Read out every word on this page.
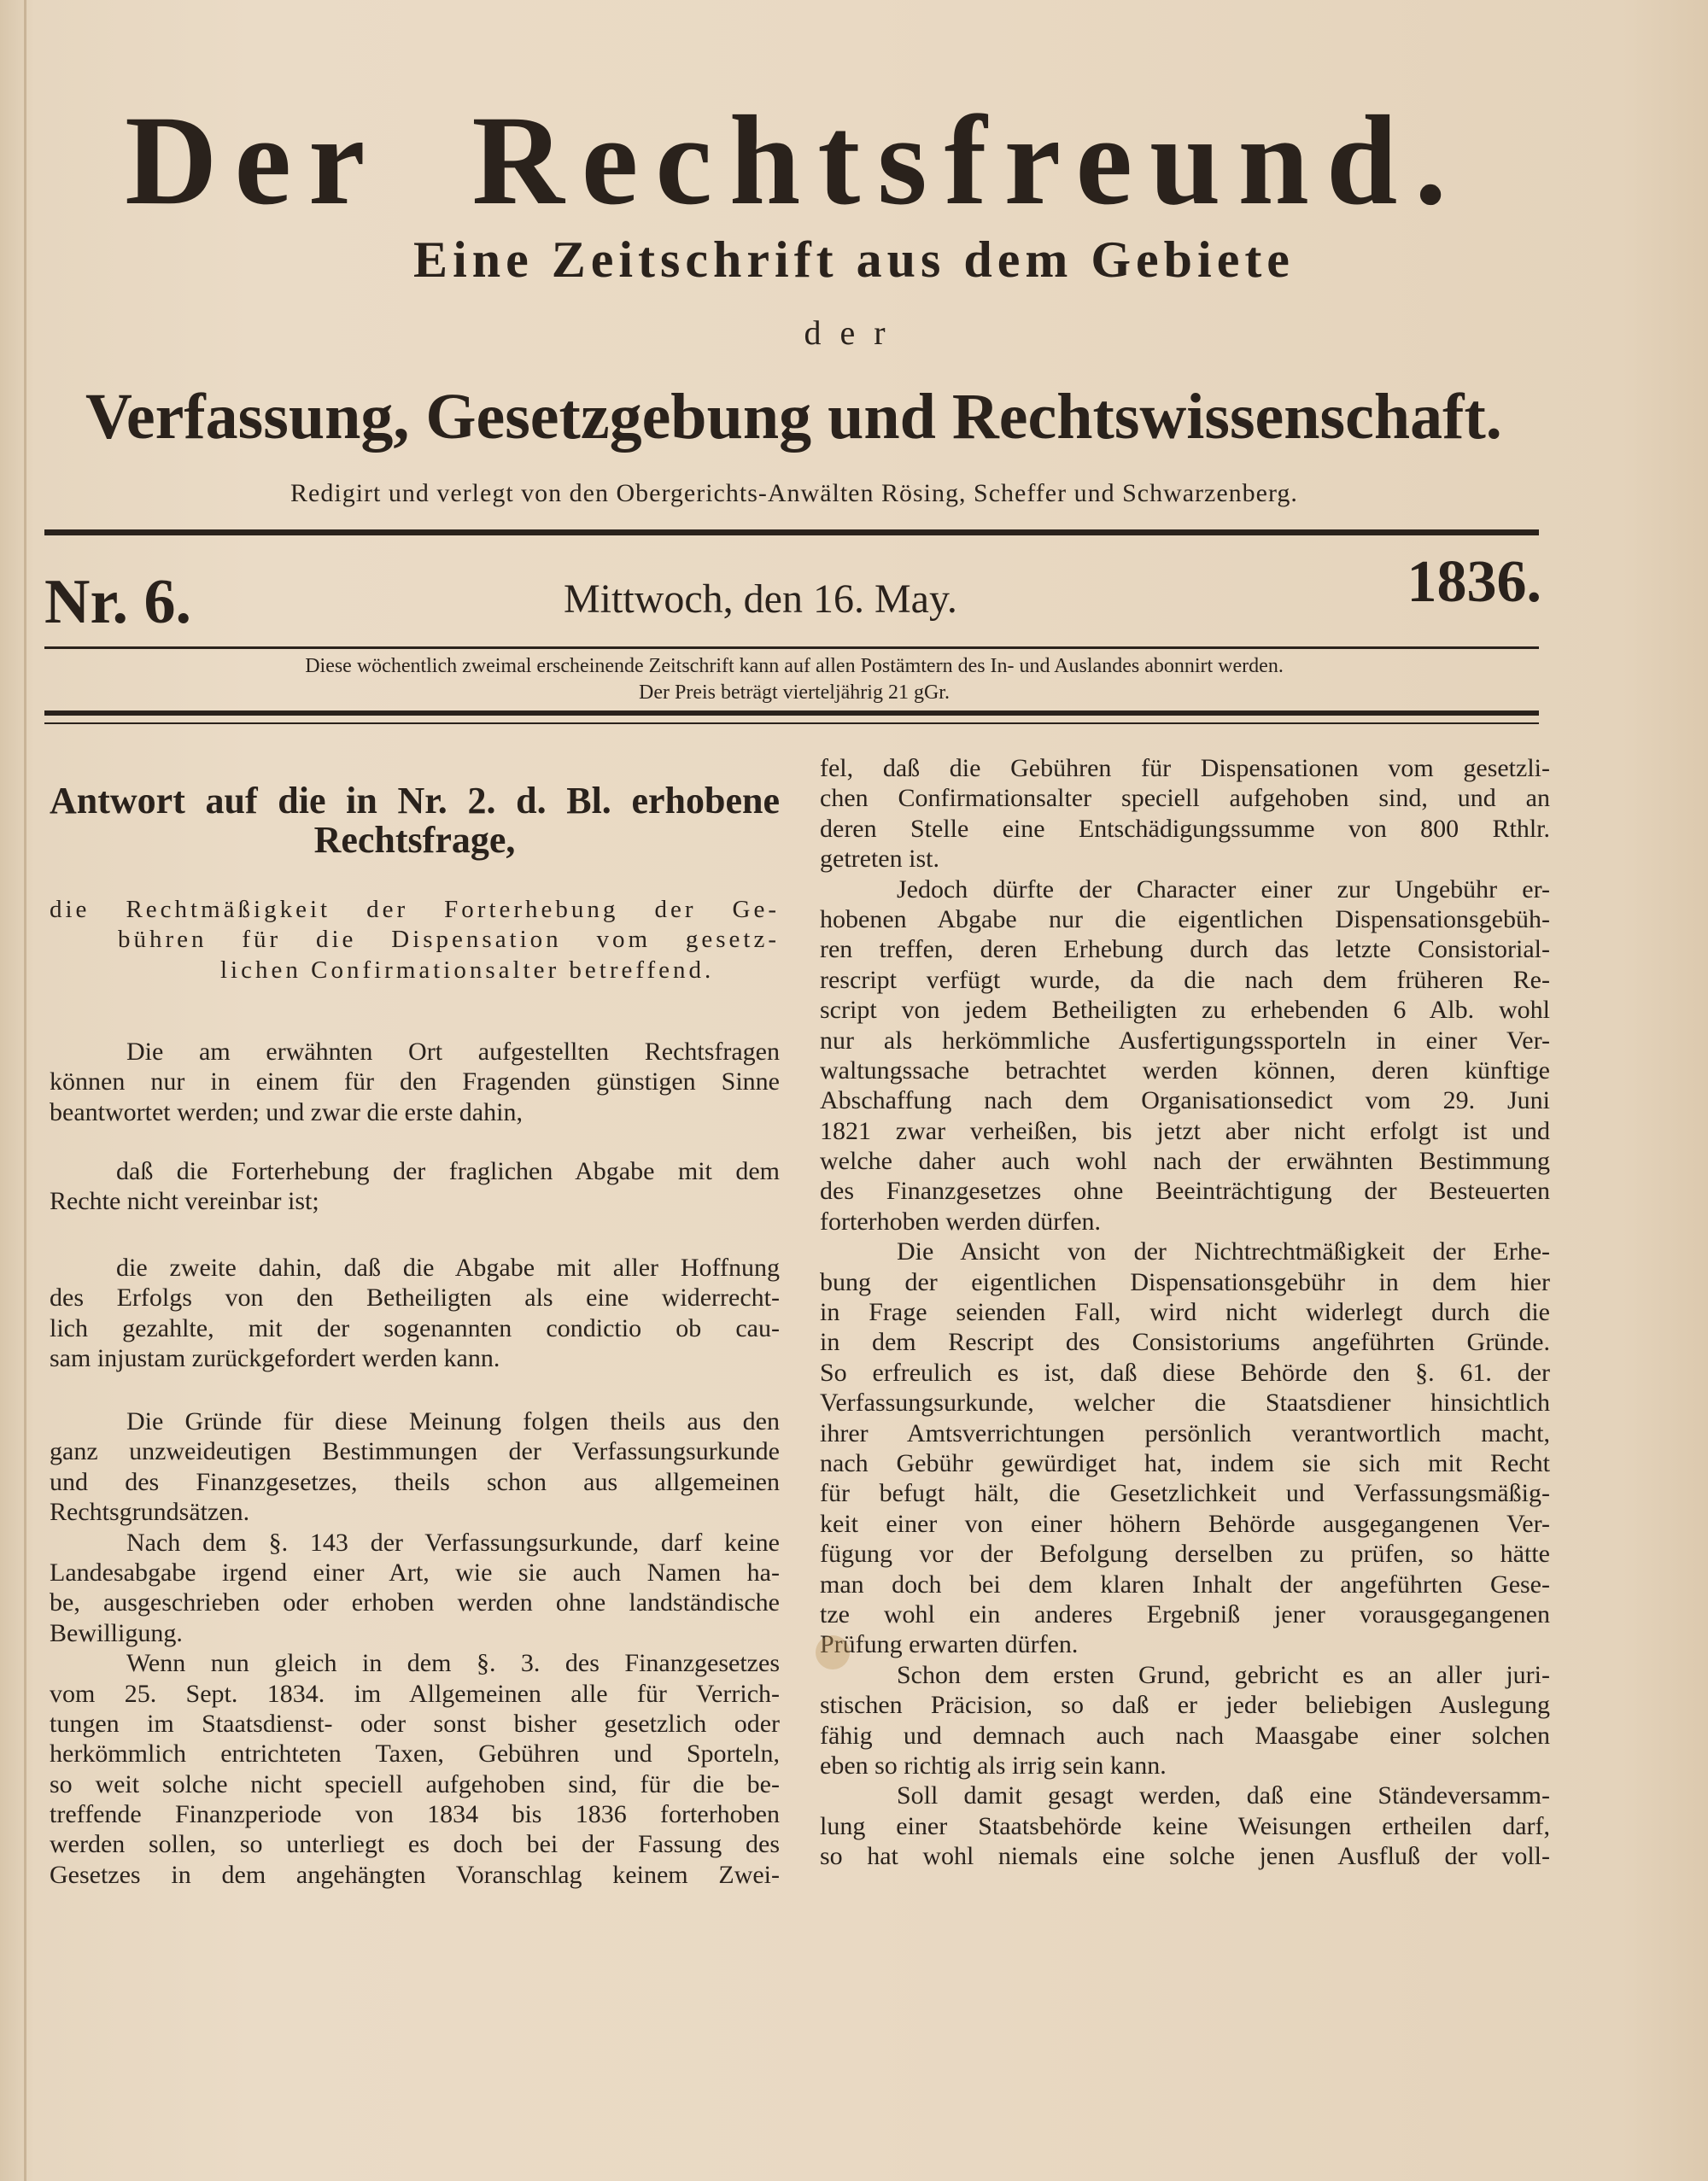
Der Rechtsfreund.
Eine Zeitschrift aus dem Gebiete
der
Verfassung, Gesetzgebung und Rechtswissenschaft.
Redigirt und verlegt von den Obergerichts-Anwälten Rösing, Scheffer und Schwarzenberg.
Nr. 6.	Mittwoch, den 16. May.	1836.
Diese wöchentlich zweimal erscheinende Zeitschrift kann auf allen Postämtern des In- und Auslandes abonnirt werden.
Der Preis beträgt vierteljährig 21 gGr.
Antwort auf die in Nr. 2. d. Bl. erhobene
Rechtsfrage,
die Rechtmäßigkeit der Forterhebung der Ge-
bühren für die Dispensation vom gesetz-
lichen Confirmationsalter betreffend.
Die am erwähnten Ort aufgestellten Rechtsfragen
können nur in einem für den Fragenden günstigen Sinne
beantwortet werden; und zwar die erste dahin,
daß die Forterhebung der fraglichen Abgabe mit dem
Rechte nicht vereinbar ist;
die zweite dahin, daß die Abgabe mit aller Hoffnung
des Erfolgs von den Betheiligten als eine widerrecht-
lich gezahlte, mit der sogenannten condictio ob cau-
sam injustam zurückgefordert werden kann.
Die Gründe für diese Meinung folgen theils aus den
ganz unzweideutigen Bestimmungen der Verfassungsurkunde
und des Finanzgesetzes, theils schon aus allgemeinen
Rechtsgrundsätzen.
Nach dem §. 143 der Verfassungsurkunde, darf keine
Landesabgabe irgend einer Art, wie sie auch Namen ha-
be, ausgeschrieben oder erhoben werden ohne landständische
Bewilligung.
Wenn nun gleich in dem §. 3. des Finanzgesetzes
vom 25. Sept. 1834. im Allgemeinen alle für Verrich-
tungen im Staatsdienst- oder sonst bisher gesetzlich oder
herkömmlich entrichteten Taxen, Gebühren und Sporteln,
so weit solche nicht speciell aufgehoben sind, für die be-
treffende Finanzperiode von 1834 bis 1836 forterhoben
werden sollen, so unterliegt es doch bei der Fassung des
Gesetzes in dem angehängten Voranschlag keinem Zwei-
fel, daß die Gebühren für Dispensationen vom gesetzli-
chen Confirmationsalter speciell aufgehoben sind, und an
deren Stelle eine Entschädigungssumme von 800 Rthlr.
getreten ist.
Jedoch dürfte der Character einer zur Ungebühr er-
hobenen Abgabe nur die eigentlichen Dispensationsgebüh-
ren treffen, deren Erhebung durch das letzte Consistorial-
rescript verfügt wurde, da die nach dem früheren Re-
script von jedem Betheiligten zu erhebenden 6 Alb. wohl
nur als herkömmliche Ausfertigungssporteln in einer Ver-
waltungssache betrachtet werden können, deren künftige
Abschaffung nach dem Organisationsedict vom 29. Juni
1821 zwar verheißen, bis jetzt aber nicht erfolgt ist und
welche daher auch wohl nach der erwähnten Bestimmung
des Finanzgesetzes ohne Beeinträchtigung der Besteuerten
forterhoben werden dürfen.
Die Ansicht von der Nichtrechtmäßigkeit der Erhe-
bung der eigentlichen Dispensationsgebühr in dem hier
in Frage seienden Fall, wird nicht widerlegt durch die
in dem Rescript des Consistoriums angeführten Gründe.
So erfreulich es ist, daß diese Behörde den §. 61. der
Verfassungsurkunde, welcher die Staatsdiener hinsichtlich
ihrer Amtsverrichtungen persönlich verantwortlich macht,
nach Gebühr gewürdiget hat, indem sie sich mit Recht
für befugt hält, die Gesetzlichkeit und Verfassungsmäßig-
keit einer von einer höhern Behörde ausgegangenen Ver-
fügung vor der Befolgung derselben zu prüfen, so hätte
man doch bei dem klaren Inhalt der angeführten Gese-
tze wohl ein anderes Ergebniß jener vorausgegangenen
Prüfung erwarten dürfen.
Schon dem ersten Grund, gebricht es an aller juri-
stischen Präcision, so daß er jeder beliebigen Auslegung
fähig und demnach auch nach Maasgabe einer solchen
eben so richtig als irrig sein kann.
Soll damit gesagt werden, daß eine Ständeversamm-
lung einer Staatsbehörde keine Weisungen ertheilen darf,
so hat wohl niemals eine solche jenen Ausfluß der voll-
